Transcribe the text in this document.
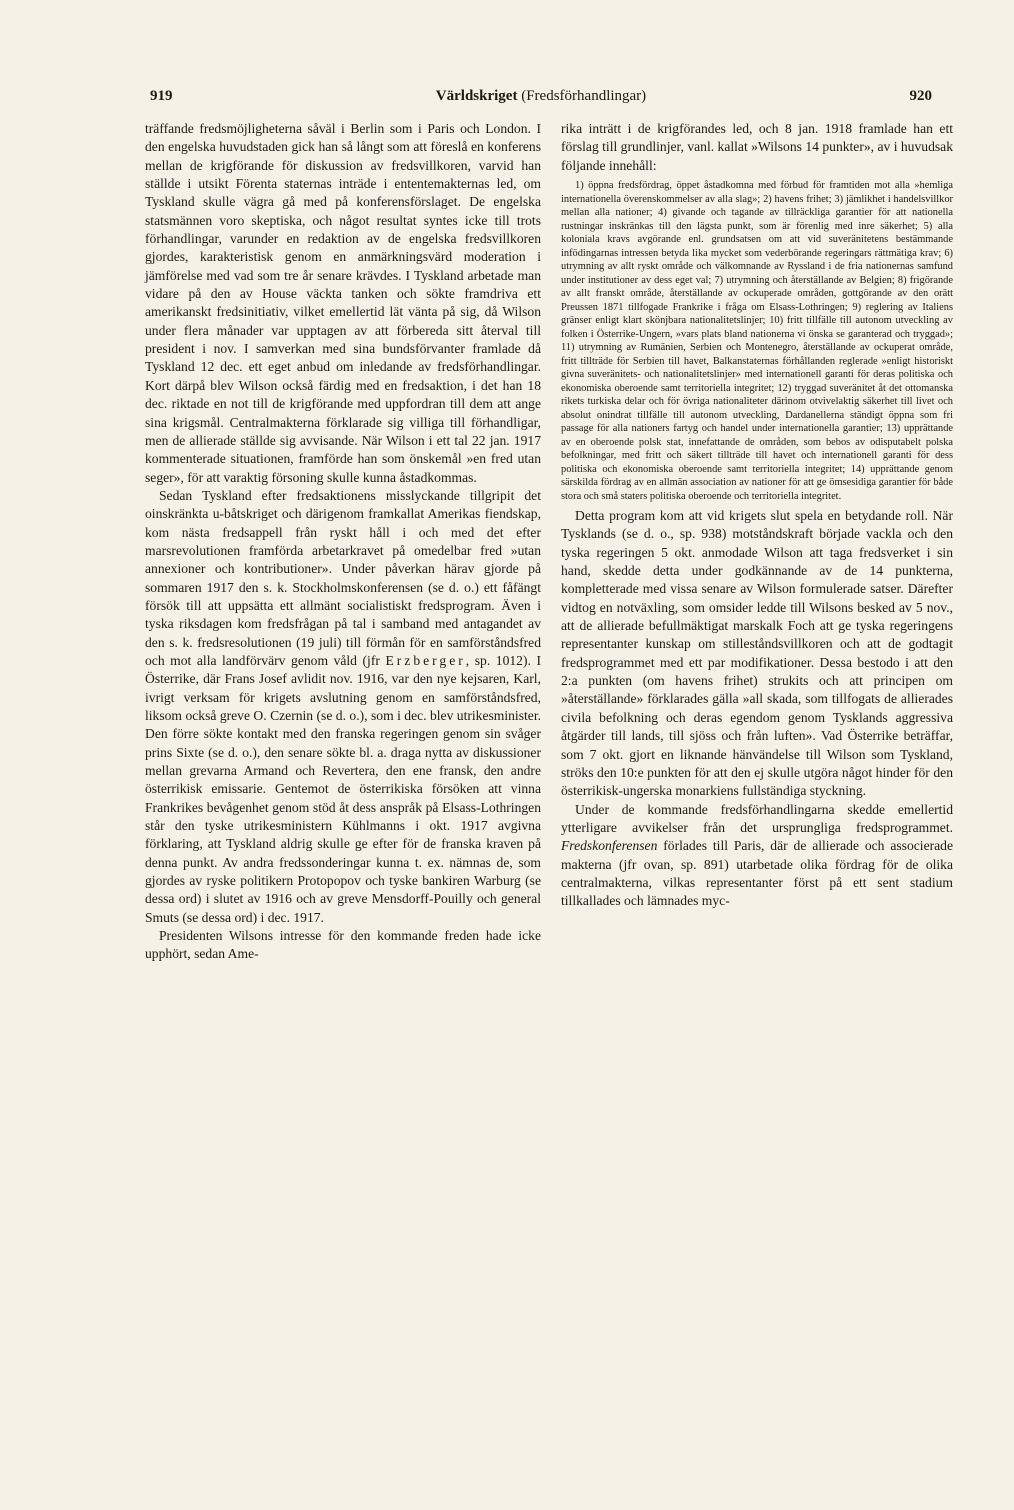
919	Världskriget (Fredsförhandlingar)	920

träffande fredsmöjligheterna såväl i Berlin som i Paris och London. I den engelska huvudstaden gick han så långt som att föreslå en konferens mellan de krigförande för diskussion av fredsvillkoren, varvid han ställde i utsikt Förenta staternas inträde i ententemakternas led, om Tyskland skulle vägra gå med på konferensförslaget. De engelska statsmännen voro skeptiska, och något resultat syntes icke till trots förhandlingar, varunder en redaktion av de engelska fredsvillkoren gjordes, karakteristisk genom en anmärkningsvärd moderation i jämförelse med vad som tre år senare krävdes. I Tyskland arbetade man vidare på den av House väckta tanken och sökte framdriva ett amerikanskt fredsinitiativ, vilket emellertid lät vänta på sig, då Wilson under flera månader var upptagen av att förbereda sitt återval till president i nov. I samverkan med sina bundsförvanter framlade då Tyskland 12 dec. ett eget anbud om inledande av fredsförhandlingar. Kort därpå blev Wilson också färdig med en fredsaktion, i det han 18 dec. riktade en not till de krigförande med uppfordran till dem att ange sina krigsmål. Centralmakterna förklarade sig villiga till förhandligar, men de allierade ställde sig avvisande. När Wilson i ett tal 22 jan. 1917 kommenterade situationen, framförde han som önskemål »en fred utan seger», för att varaktig försoning skulle kunna åstadkommas.

Sedan Tyskland efter fredsaktionens misslyckande tillgripit det oinskränkta u-båtskriget och därigenom framkallat Amerikas fiendskap, kom nästa fredsappell från ryskt håll i och med det efter marsrevolutionen framförda arbetarkravet på omedelbar fred »utan annexioner och kontributioner». Under påverkan härav gjorde på sommaren 1917 den s. k. Stockholmskonferensen (se d. o.) ett fåfängt försök till att uppsätta ett allmänt socialistiskt fredsprogram. Även i tyska riksdagen kom fredsfrågan på tal i samband med antagandet av den s. k. fredsresolutionen (19 juli) till förmån för en samförståndsfred och mot alla landförvärv genom våld (jfr Erzberger, sp. 1012). I Österrike, där Frans Josef avlidit nov. 1916, var den nye kejsaren, Karl, ivrigt verksam för krigets avslutning genom en samförståndsfred, liksom också greve O. Czernin (se d. o.), som i dec. blev utrikesminister. Den förre sökte kontakt med den franska regeringen genom sin svåger prins Sixte (se d. o.), den senare sökte bl. a. draga nytta av diskussioner mellan grevarna Armand och Revertera, den ene fransk, den andre österrikisk emissarie. Gentemot de österrikiska försöken att vinna Frankrikes bevågenhet genom stöd åt dess anspråk på Elsass-Lothringen står den tyske utrikesministern Kühlmanns i okt. 1917 avgivna förklaring, att Tyskland aldrig skulle ge efter för de franska kraven på denna punkt. Av andra fredssonderingar kunna t. ex. nämnas de, som gjordes av ryske politikern Protopopov och tyske bankiren Warburg (se dessa ord) i slutet av 1916 och av greve Mensdorff-Pouilly och general Smuts (se dessa ord) i dec. 1917.

Presidenten Wilsons intresse för den kommande freden hade icke upphört, sedan Ame-

rika inträtt i de krigförandes led, och 8 jan. 1918 framlade han ett förslag till grundlinjer, vanl. kallat »Wilsons 14 punkter», av i huvudsak följande innehåll:

1) öppna fredsfördrag, öppet åstadkomna med förbud för framtiden mot alla »hemliga internationella överenskommelser av alla slag»; 2) havens frihet; 3) jämlikhet i handelsvillkor mellan alla nationer; 4) givande och tagande av tillräckliga garantier för att nationella rustningar inskränkas till den lägsta punkt, som är förenlig med inre säkerhet; 5) alla koloniala kravs avgörande enl. grundsatsen om att vid suveränitetens bestämmande infödingarnas intressen betyda lika mycket som vederbörande regeringars rättmätiga krav; 6) utrymning av allt ryskt område och välkomnande av Ryssland i de fria nationernas samfund under institutioner av dess eget val; 7) utrymning och återställande av Belgien; 8) frigörande av allt franskt område, återställande av ockuperade områden, gottgörande av den orätt Preussen 1871 tillfogade Frankrike i fråga om Elsass-Lothringen; 9) reglering av Italiens gränser enligt klart skönjbara nationalitetslinjer; 10) fritt tillfälle till autonom utveckling av folken i Österrike-Ungern, »vars plats bland nationerna vi önska se garanterad och tryggad»; 11) utrymning av Rumänien, Serbien och Montenegro, återställande av ockuperat område, fritt tillträde för Serbien till havet, Balkanstaternas förhållanden reglerade »enligt historiskt givna suveränitets- och nationalitetslinjer» med internationell garanti för deras politiska och ekonomiska oberoende samt territoriella integritet; 12) tryggad suveränitet åt det ottomanska rikets turkiska delar och för övriga nationaliteter därinom otvivelaktig säkerhet till livet och absolut onindrat tillfälle till autonom utveckling, Dardanellerna ständigt öppna som fri passage för alla nationers fartyg och handel under internationella garantier; 13) upprättande av en oberoende polsk stat, innefattande de områden, som bebos av odisputabelt polska befolkningar, med fritt och säkert tillträde till havet och internationell garanti för dess politiska och ekonomiska oberoende samt territoriella integritet; 14) upprättande genom särskilda fördrag av en allmän association av nationer för att ge ömsesidiga garantier för både stora och små staters politiska oberoende och territoriella integritet.

Detta program kom att vid krigets slut spela en betydande roll. När Tysklands (se d. o., sp. 938) motståndskraft började vackla och den tyska regeringen 5 okt. anmodade Wilson att taga fredsverket i sin hand, skedde detta under godkännande av de 14 punkterna, kompletterade med vissa senare av Wilson formulerade satser. Därefter vidtog en notväxling, som omsider ledde till Wilsons besked av 5 nov., att de allierade befullmäktigat marskalk Foch att ge tyska regeringens representanter kunskap om stilleståndsvillkoren och att de godtagit fredsprogrammet med ett par modifikationer. Dessa bestodo i att den 2:a punkten (om havens frihet) strukits och att principen om »återställande» förklarades gälla »all skada, som tillfogats de allierades civila befolkning och deras egendom genom Tysklands aggressiva åtgärder till lands, till sjöss och från luften». Vad Österrike beträffar, som 7 okt. gjort en liknande hänvändelse till Wilson som Tyskland, ströks den 10:e punkten för att den ej skulle utgöra något hinder för den österrikisk-ungerska monarkiens fullständiga styckning.

Under de kommande fredsförhandlingarna skedde emellertid ytterligare avvikelser från det ursprungliga fredsprogrammet. Fredskonferensen förlades till Paris, där de allierade och associerade makterna (jfr ovan, sp. 891) utarbetade olika fördrag för de olika centralmakterna, vilkas representanter först på ett sent stadium tillkallades och lämnades myc-
